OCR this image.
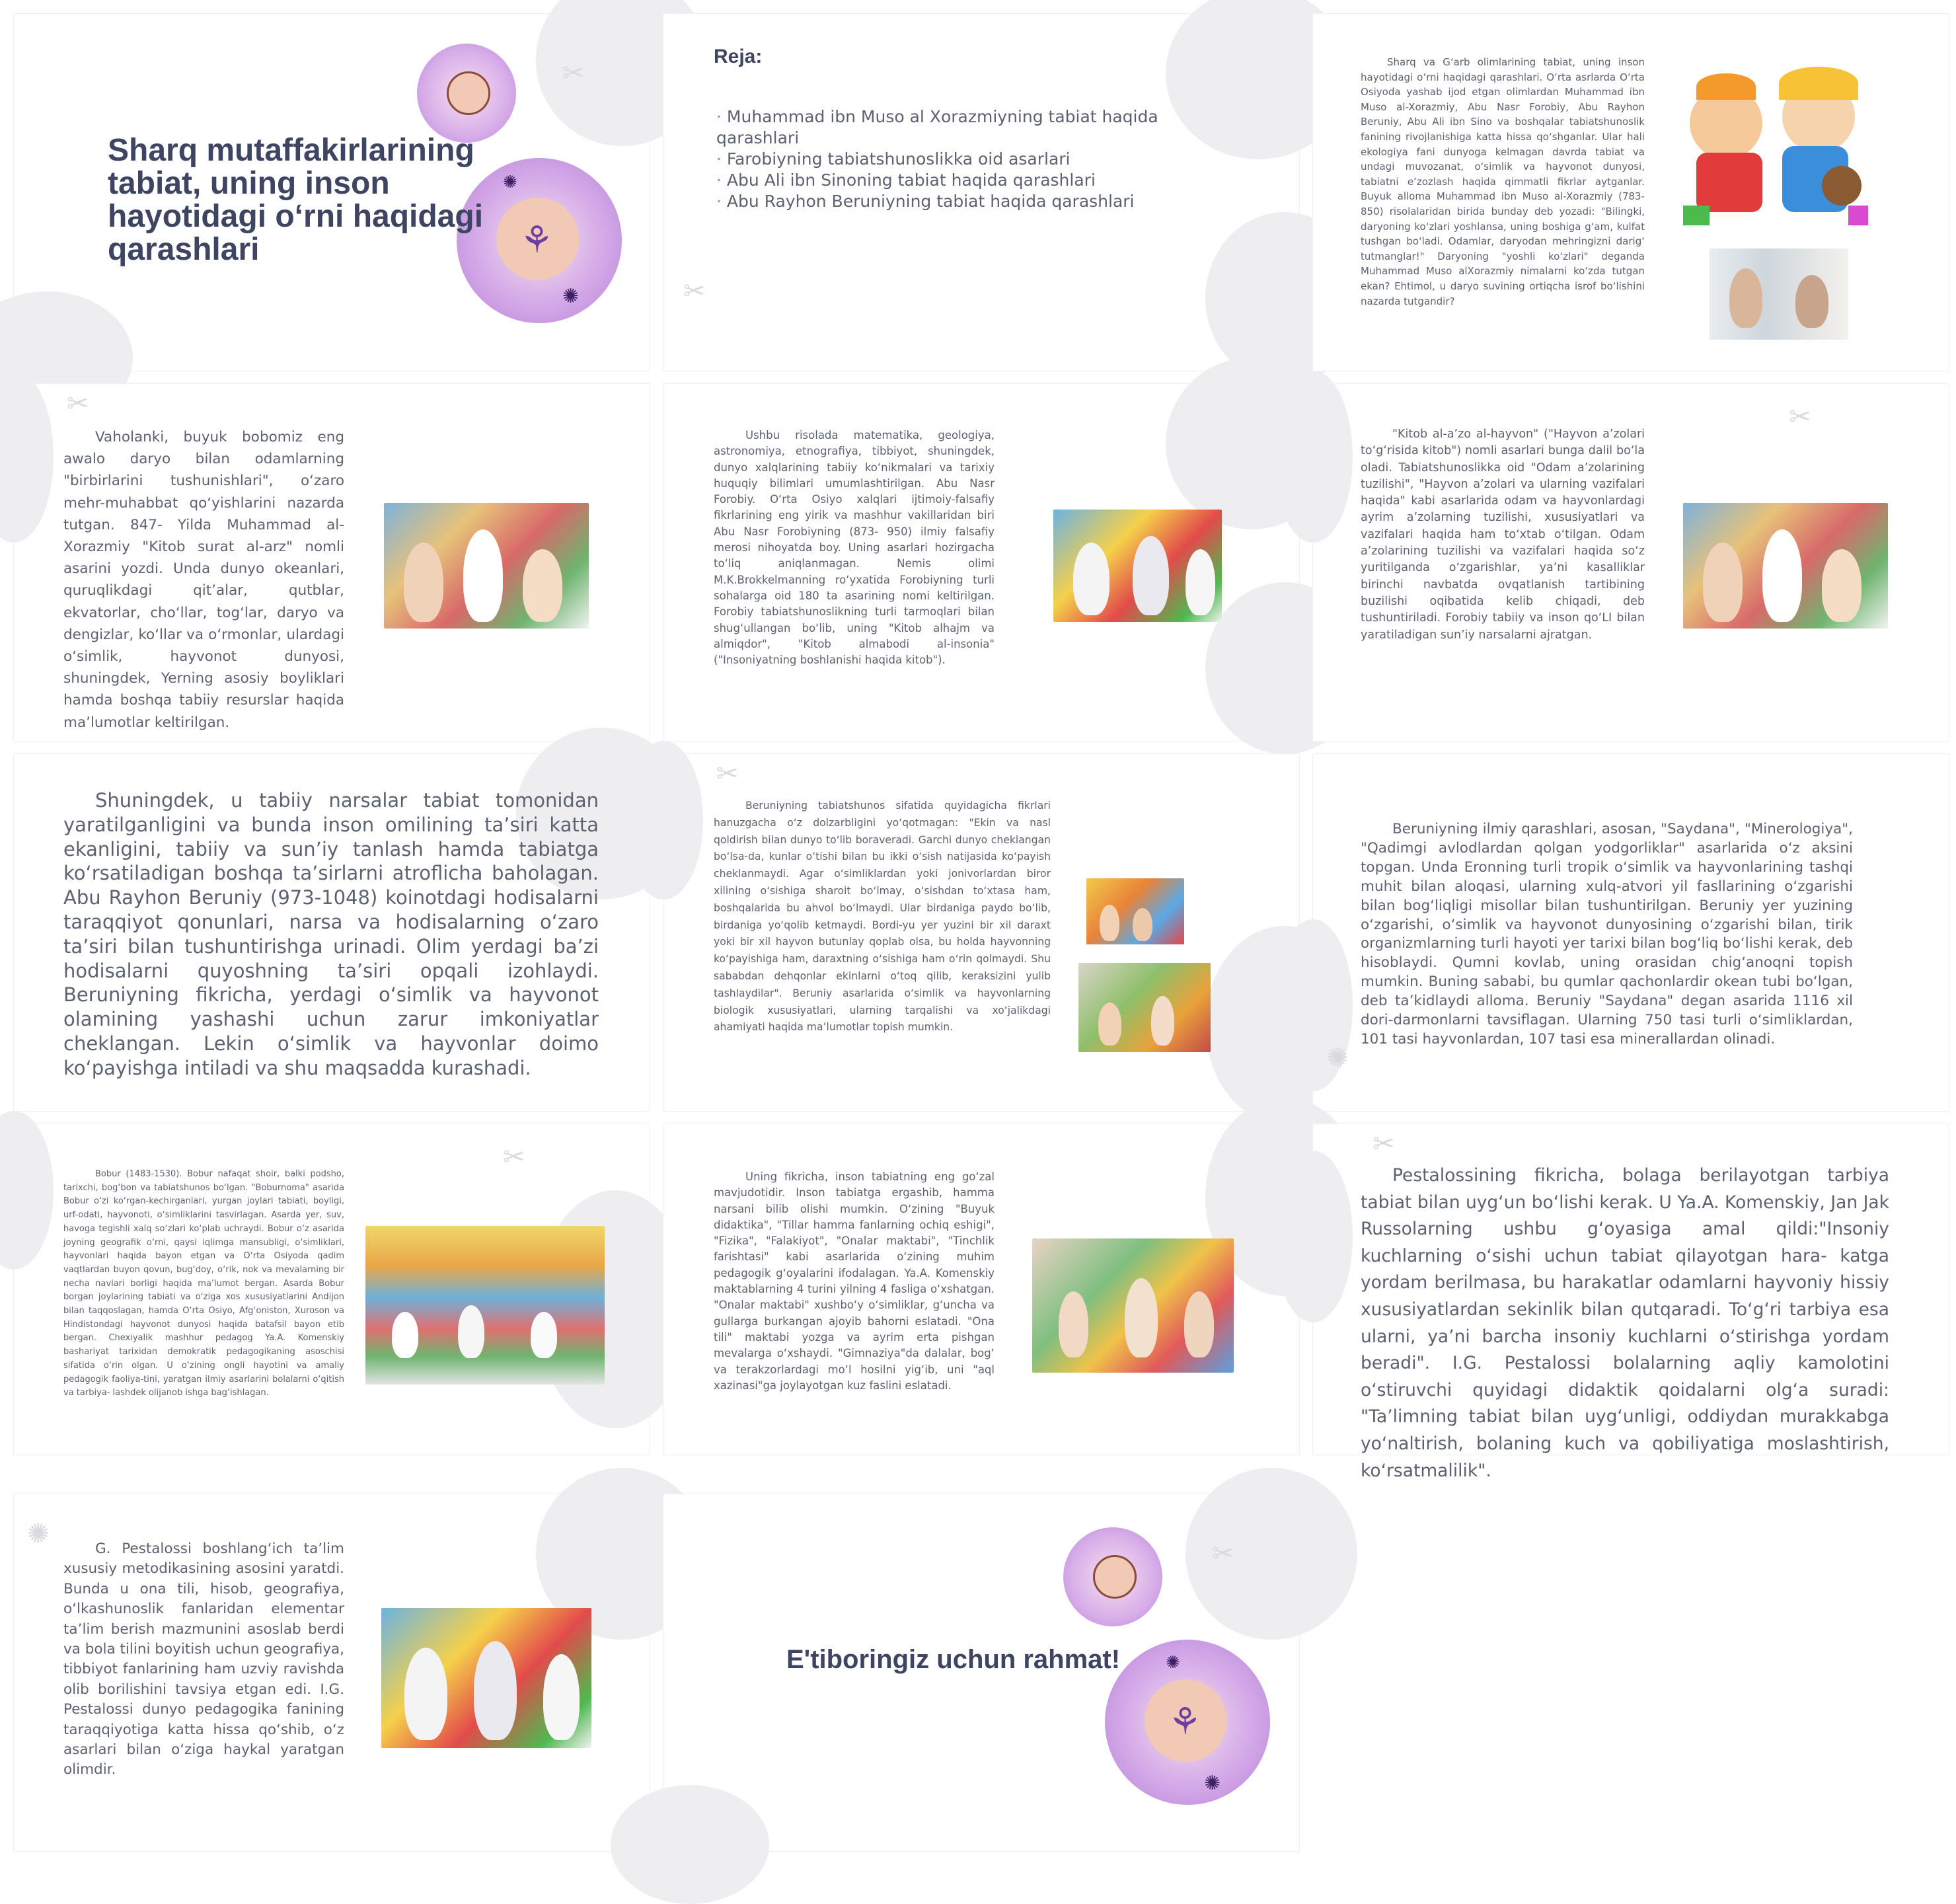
✂
⚘
✺
✺
Sharq mutaffakirlarining tabiat, uning inson hayotidagi o‘rni haqidagi qarashlari
✂
Reja:
· Muhammad ibn Muso al Xorazmiyning tabiat haqida qarashlari
· Farobiyning tabiatshunoslikka oid asarlari
· Abu Ali ibn Sinoning tabiat haqida qarashlari
· Abu Rayhon Beruniyning tabiat haqida qarashlari
Sharq va G‘arb olimlarining tabiat, uning inson hayotidagi o‘rni haqidagi qarashlari. O‘rta asrlarda O‘rta Osiyoda yashab ijod etgan olimlardan Muhammad ibn Muso al-Xorazmiy, Abu Nasr Forobiy, Abu Rayhon Beruniy, Abu Ali ibn Sino va boshqalar tabiatshunoslik fanining rivojlanishiga katta hissa qo‘shganlar. Ular hali ekologiya fani dunyoga kelmagan davrda tabiat va undagi muvozanat, o‘simlik va hayvonot dunyosi, tabiatni e’zozlash haqida qimmatli fikrlar aytganlar. Buyuk alloma Muhammad ibn Muso al-Xorazmiy (783-850) risolalaridan birida bunday deb yozadi: "Bilingki, daryoning ko‘zlari yoshlansa, uning boshiga g‘am, kulfat tushgan bo‘ladi. Odamlar, daryodan mehringizni darig‘ tutmanglar!" Daryoning "yoshli ko‘zlari" deganda Muhammad Muso alXorazmiy nimalarni ko‘zda tutgan ekan? Ehtimol, u daryo suvining ortiqcha isrof bo‘lishini nazarda tutgandir?
✂
Vaholanki, buyuk bobomiz eng awalo daryo bilan odamlarning "birbirlarini tushunishlari", o‘zaro mehr-muhabbat qo‘yishlarini nazarda tutgan. 847- Yilda Muhammad al-Xorazmiy "Kitob surat al-arz" nomli asarini yozdi. Unda dunyo okeanlari, quruqlikdagi qit’alar, qutblar, ekvatorlar, cho‘llar, tog‘lar, daryo va dengizlar, ko‘llar va o‘rmonlar, ulardagi o‘simlik, hayvonot dunyosi, shuningdek, Yerning asosiy boyliklari hamda boshqa tabiiy resurslar haqida ma’lumotlar keltirilgan.
Ushbu risolada matematika, geologiya, astronomiya, etnografiya, tibbiyot, shuningdek, dunyo xalqlarining tabiiy ko‘nikmalari va tarixiy huquqiy bilimlari umumlashtirilgan. Abu Nasr Forobiy. O‘rta Osiyo xalqlari ijtimoiy-falsafiy fikrlarining eng yirik va mashhur vakillaridan biri Abu Nasr Forobiyning (873- 950) ilmiy falsafiy merosi nihoyatda boy. Uning asarlari hozirgacha to‘liq aniqlanmagan. Nemis olimi M.K.Brokkelmanning ro‘yxatida Forobiyning turli sohalarga oid 180 ta asarining nomi keltirilgan. Forobiy tabiatshunoslikning turli tarmoqlari bilan shug‘ullangan bo‘lib, uning "Kitob alhajm va almiqdor", "Kitob almabodi al-insonia" ("Insoniyatning boshlanishi haqida kitob").
✂
"Kitob al-a’zo al-hayvon" ("Hayvon a’zolari to‘g‘risida kitob") nomli asarlari bunga dalil bo‘la oladi. Tabiatshunoslikka oid "Odam a’zolarining tuzilishi", "Hayvon a’zolari va ularning vazifalari haqida" kabi asarlarida odam va hayvonlardagi ayrim a’zolarning tuzilishi, xususiyatlari va vazifalari haqida ham to‘xtab o‘tilgan. Odam a’zolarining tuzilishi va vazifalari haqida so‘z yuritilganda o‘zgarishlar, ya’ni kasalliklar birinchi navbatda ovqatlanish tartibining buzilishi oqibatida kelib chiqadi, deb tushuntiriladi. Forobiy tabiiy va inson qo‘LI bilan yaratiladigan sun’iy narsalarni ajratgan.
Shuningdek, u tabiiy narsalar tabiat tomonidan yaratilganligini va bunda inson omilining ta’siri katta ekanligini, tabiiy va sun’iy tanlash hamda tabiatga ko‘rsatiladigan boshqa ta’sirlarni atroflicha baholagan. Abu Rayhon Beruniy (973-1048) koinotdagi hodisalarni taraqqiyot qonunlari, narsa va hodisalarning o‘zaro ta’siri bilan tushuntirishga urinadi. Olim yerdagi ba’zi hodisalarni quyoshning ta’siri opqali izohlaydi. Beruniyning fikricha, yerdagi o‘simlik va hayvonot olamining yashashi uchun zarur imkoniyatlar cheklangan. Lekin o‘simlik va hayvonlar doimo ko‘payishga intiladi va shu maqsadda kurashadi.
✂
Beruniyning tabiatshunos sifatida quyidagicha fikrlari hanuzgacha o‘z dolzarbligini yo‘qotmagan: "Ekin va nasl qoldirish bilan dunyo to‘lib boraveradi. Garchi dunyo cheklangan bo‘lsa-da, kunlar o‘tishi bilan bu ikki o‘sish natijasida ko‘payish cheklanmaydi. Agar o‘simliklardan yoki jonivorlardan biror xilining o‘sishiga sharoit bo‘lmay, o‘sishdan to‘xtasa ham, boshqalarida bu ahvol bo‘lmaydi. Ular birdaniga paydo bo‘lib, birdaniga yo‘qolib ketmaydi. Bordi-yu yer yuzini bir xil daraxt yoki bir xil hayvon butunlay qoplab olsa, bu holda hayvonning ko‘payishiga ham, daraxtning o‘sishiga ham o‘rin qolmaydi. Shu sababdan dehqonlar ekinlarni o‘toq qilib, keraksizini yulib tashlaydilar". Beruniy asarlarida o‘simlik va hayvonlarning biologik xususiyatlari, ularning tarqalishi va xo‘jalikdagi ahamiyati haqida ma’lumotlar topish mumkin.
✺
Beruniyning ilmiy qarashlari, asosan, "Saydana", "Minerologiya", "Qadimgi avlodlardan qolgan yodgorliklar" asarlarida o‘z aksini topgan. Unda Eronning turli tropik o‘simlik va hayvonlarining tashqi muhit bilan aloqasi, ularning xulq-atvori yil fasllarining o‘zgarishi bilan bog‘liqligi misollar bilan tushuntirilgan. Beruniy yer yuzining o‘zgarishi, o‘simlik va hayvonot dunyosining o‘zgarishi bilan, tirik organizmlarning turli hayoti yer tarixi bilan bog‘liq bo‘lishi kerak, deb hisoblaydi. Qumni kovlab, uning orasidan chig‘anoqni topish mumkin. Buning sababi, bu qumlar qachonlardir okean tubi bo‘lgan, deb ta’kidlaydi alloma. Beruniy "Saydana" degan asarida 1116 xil dori-darmonlarni tavsiflagan. Ularning 750 tasi turli o‘simliklardan, 101 tasi hayvonlardan, 107 tasi esa minerallardan olinadi.
✂
Bobur (1483-1530). Bobur nafaqat shoir, balki podsho, tarixchi, bog‘bon va tabiatshunos bo‘lgan. "Boburnoma" asarida Bobur o‘zi ko‘rgan-kechirganlari, yurgan joylari tabiati, boyligi, urf-odati, hayvonoti, o‘simliklarini tasvirlagan. Asarda yer, suv, havoga tegishli xalq so‘zlari ko‘plab uchraydi. Bobur o‘z asarida joyning geografik o‘rni, qaysi iqlimga mansubligi, o‘simliklari, hayvonlari haqida bayon etgan va O‘rta Osiyoda qadim vaqtlardan buyon qovun, bug‘doy, o‘rik, nok va mevalarning bir necha navlari borligi haqida ma’lumot bergan. Asarda Bobur borgan joylarining tabiati va o‘ziga xos xususiyatlarini Andijon bilan taqqoslagan, hamda O‘rta Osiyo, Afg‘oniston, Xuroson va Hindistondagi hayvonot dunyosi haqida batafsil bayon etib bergan. Chexiyalik mashhur pedagog Ya.A. Komenskiy bashariyat tarixidan demokratik pedagogikaning asoschisi sifatida o‘rin olgan. U o‘zining ongli hayotini va amaliy pedagogik faoliya-tini, yaratgan ilmiy asarlarini bolalarni o‘qitish va tarbiya- lashdek olijanob ishga bag‘ishlagan.
Uning fikricha, inson tabiatning eng go‘zal mavjudotidir. Inson tabiatga ergashib, hamma narsani bilib olishi mumkin. O‘zining "Buyuk didaktika", "Tillar hamma fanlarning ochiq eshigi", "Fizika", "Falakiyot", "Onalar maktabi", "Tinchlik farishtasi" kabi asarlarida o‘zining muhim pedagogik g‘oyalarini ifodalagan. Ya.A. Komenskiy maktablarning 4 turini yilning 4 fasliga o‘xshatgan. "Onalar maktabi" xushbo‘y o‘simliklar, g‘uncha va gullarga burkangan ajoyib bahorni eslatadi. "Ona tili" maktabi yozga va ayrim erta pishgan mevalarga o‘xshaydi. "Gimnaziya"da dalalar, bog‘ va terakzorlardagi mo‘l hosilni yig‘ib, uni "aql xazinasi"ga joylayotgan kuz faslini eslatadi.
✂
Pestalossining fikricha, bolaga berilayotgan tarbiya tabiat bilan uyg‘un bo‘lishi kerak. U Ya.A. Komenskiy, Jan Jak Russolarning ushbu g‘oyasiga amal qildi:"Insoniy kuchlarning o‘sishi uchun tabiat qilayotgan hara- katga yordam berilmasa, bu harakatlar odamlarni hayvoniy hissiy xususiyatlardan sekinlik bilan qutqaradi. To‘g‘ri tarbiya esa ularni, ya’ni barcha insoniy kuchlarni o‘stirishga yordam beradi". I.G. Pestalossi bolalarning aqliy kamolotini o‘stiruvchi quyidagi didaktik qoidalarni olg‘a suradi: "Ta’limning tabiat bilan uyg‘unligi, oddiydan murakkabga yo‘naltirish, bolaning kuch va qobiliyatiga moslashtirish, ko‘rsatmalilik".
✺	G. Pestalossi boshlang‘ich ta’lim xususiy metodikasining asosini yaratdi. Bunda u ona tili, hisob, geografiya, o‘lkashunoslik fanlaridan elementar ta’lim berish mazmunini asoslab berdi va bola tilini boyitish uchun geografiya, tibbiyot fanlarining ham uzviy ravishda olib borilishini tavsiya etgan edi. I.G. Pestalossi dunyo pedagogika fanining taraqqiyotiga katta hissa qo‘shib, o‘z asarlari bilan o‘ziga haykal yaratgan olimdir.
✂
⚘
✺
✺
E'tiboringiz uchun rahmat!
